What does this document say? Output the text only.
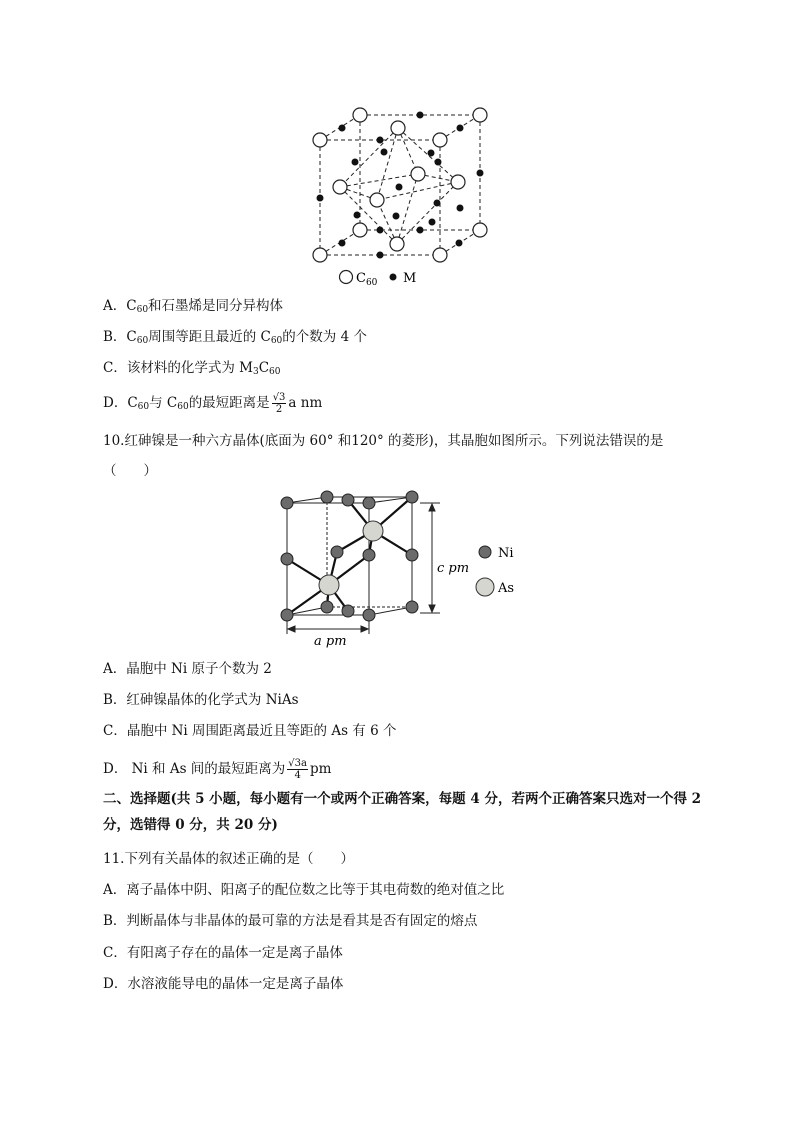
$C_{60}$ M
A．$C_{60}$和石墨烯是同分异构体
B．$C_{60}$周围等距且最近的 $C_{60}$的个数为 4 个
C．该材料的化学式为 $M_3C_{60}$
D．$C_{60}$与 $C_{60}$的最短距离是 $\frac{√3}{2}$ a nm
10.红砷镍是一种六方晶体(底面为 60° 和120° 的菱形)，其晶胞如图所示。下列说法错误的是
（　　）
c pm
a pm
Ni
As
A．晶胞中 Ni 原子个数为 2
B．红砷镍晶体的化学式为 NiAs
C．晶胞中 Ni 周围距离最近且等距的 As 有 6 个
D． Ni 和 As 间的最短距离为 $\frac{√3a}{4}$ pm
二、选择题(共 5 小题，每小题有一个或两个正确答案，每题 4 分，若两个正确答案只选对一个得 2
分，选错得 0 分，共 20 分)
11.下列有关晶体的叙述正确的是（　　）
A．离子晶体中阴、阳离子的配位数之比等于其电荷数的绝对值之比
B．判断晶体与非晶体的最可靠的方法是看其是否有固定的熔点
C．有阳离子存在的晶体一定是离子晶体
D．水溶液能导电的晶体一定是离子晶体
